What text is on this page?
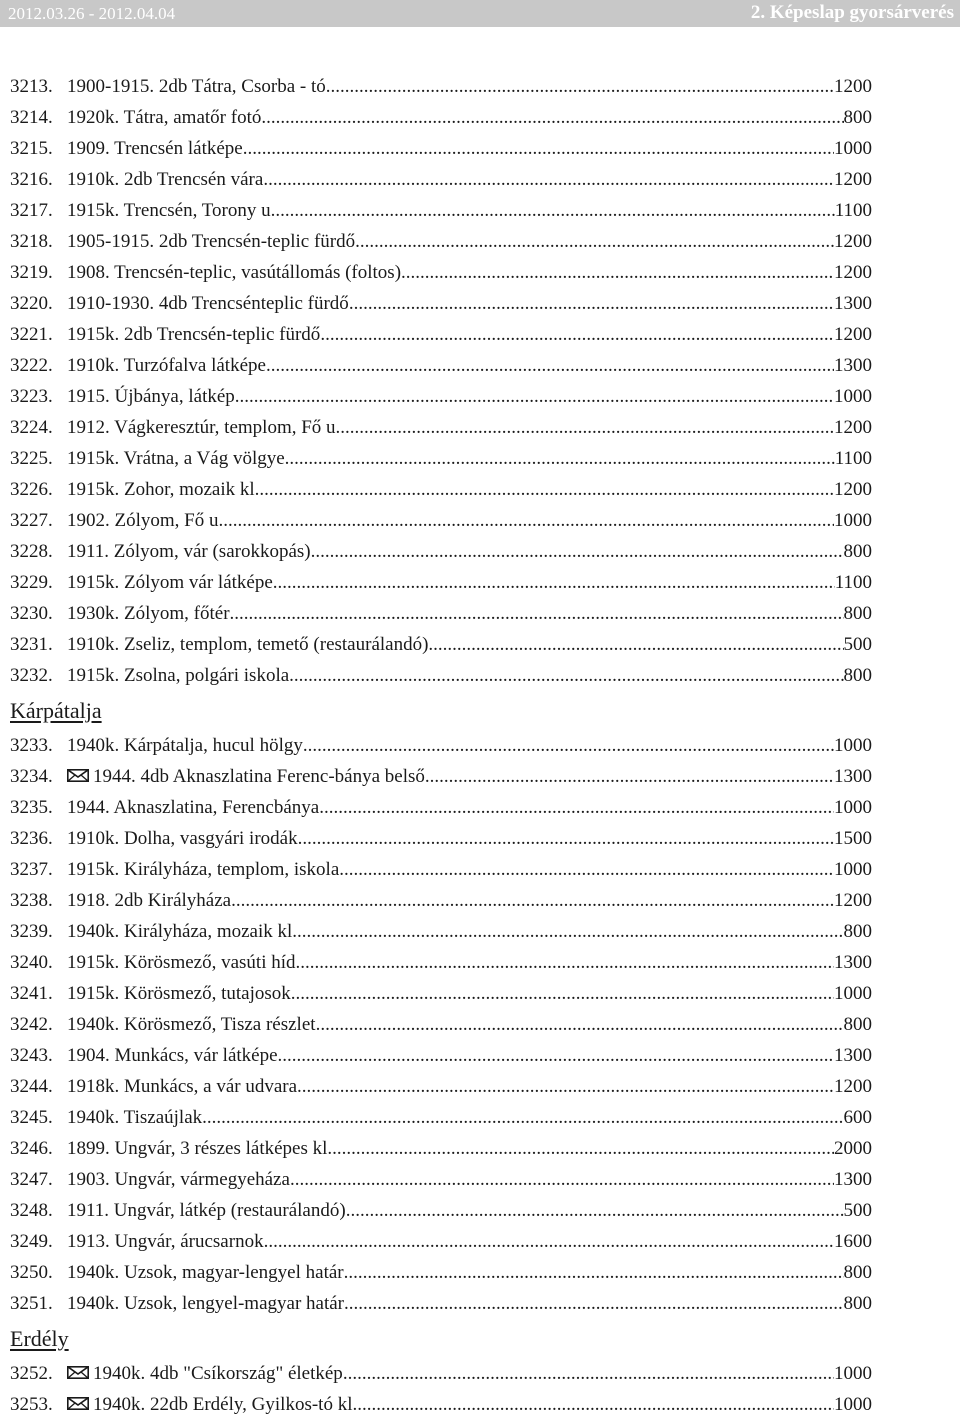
2012.03.26 - 2012.04.04	2. Képeslap gyorsárverés
3213. 1900-1915. 2db Tátra, Csorba - tó .....	1200
3214. 1920k. Tátra, amatőr fotó .....	800
3215. 1909. Trencsén látképe .....	1000
3216. 1910k. 2db Trencsén vára .....	1200
3217. 1915k. Trencsén, Torony u. .....	1100
3218. 1905-1915. 2db Trencsén-teplic fürdő .....	1200
3219. 1908. Trencsén-teplic, vasútállomás (foltos) .....	1200
3220. 1910-1930. 4db Trencsénteplic fürdő .....	1300
3221. 1915k. 2db Trencsén-teplic fürdő .....	1200
3222. 1910k. Turzófalva látképe .....	1300
3223. 1915. Újbánya, látkép .....	1000
3224. 1912. Vágkeresztúr, templom, Fő u. .....	1200
3225. 1915k. Vrátna, a Vág völgye .....	1100
3226. 1915k. Zohor, mozaik kl. .....	1200
3227. 1902. Zólyom, Fő u. .....	1000
3228. 1911. Zólyom, vár (sarokkopás) .....	800
3229. 1915k. Zólyom vár látképe .....	1100
3230. 1930k. Zólyom, főtér .....	800
3231. 1910k. Zseliz, templom, temető (restaurálandó) .....	500
3232. 1915k. Zsolna, polgári iskola .....	800
Kárpátalja
3233. 1940k. Kárpátalja, hucul hölgy .....	1000
3234.	1944. 4db Aknaszlatina Ferenc-bánya belső .....	1300
3235. 1944. Aknaszlatina, Ferencbánya .....	1000
3236. 1910k. Dolha, vasgyári irodák .....	1500
3237. 1915k. Királyháza, templom, iskola .....	1000
3238. 1918. 2db Királyháza .....	1200
3239. 1940k. Királyháza, mozaik kl. .....	800
3240. 1915k. Körösmező, vasúti híd .....	1300
3241. 1915k. Körösmező, tutajosok .....	1000
3242. 1940k. Körösmező, Tisza részlet .....	800
3243. 1904. Munkács, vár látképe .....	1300
3244. 1918k. Munkács, a vár udvara .....	1200
3245. 1940k. Tiszaújlak .....	600
3246. 1899. Ungvár, 3 részes látképes kl. .....	2000
3247. 1903. Ungvár, vármegyeháza .....	1300
3248. 1911. Ungvár, látkép (restaurálandó) .....	500
3249. 1913. Ungvár, árucsarnok .....	1600
3250. 1940k. Uzsok, magyar-lengyel határ .....	800
3251. 1940k. Uzsok, lengyel-magyar határ .....	800
Erdély
3252.	1940k. 4db "Csíkország" életkép .....	1000
3253.	1940k. 22db Erdély, Gyilkos-tó kl. .....	1000
